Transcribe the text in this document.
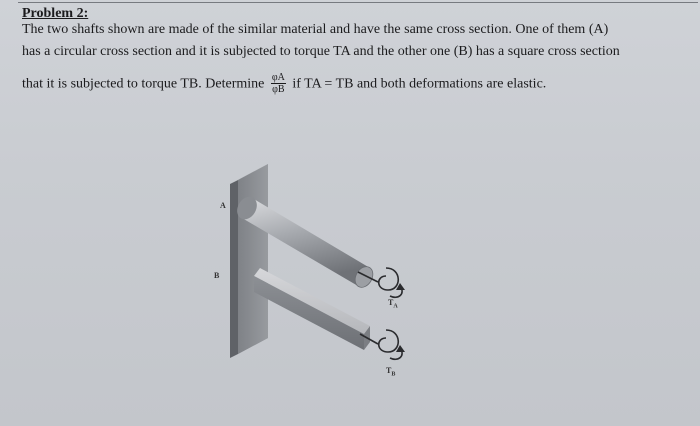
Problem 2:
The two shafts shown are made of the similar material and have the same cross section. One of them (A)
has a circular cross section and it is subjected to torque TA and the other one (B) has a square cross section
that it is subjected to torque TB. Determine $\frac{\varphi A}{\varphi B}$ if TA = TB and both deformations are elastic.
A
B
$T_A$
$T_B$
